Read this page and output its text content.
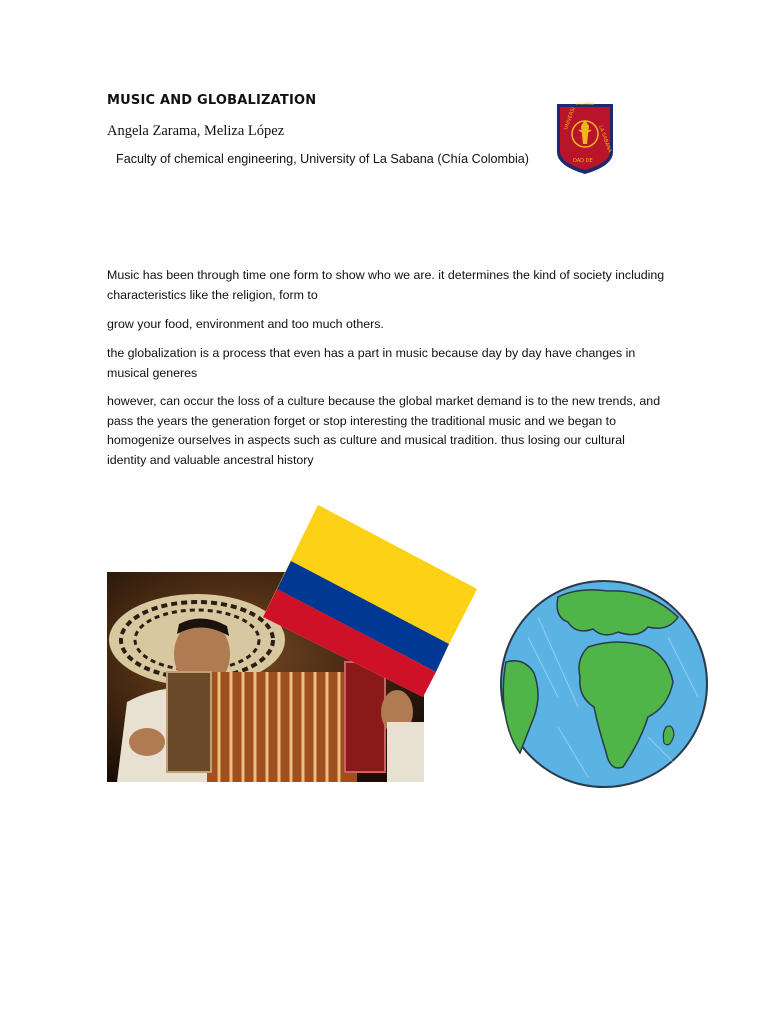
MUSIC AND GLOBALIZATION
Angela Zarama, Meliza López
Faculty of chemical engineering, University of La Sabana (Chía Colombia)
COLOMBIA
UNIVERSI
DAD DE
LA SABANA
Music has been through time one form to show who we are. it determines the kind of society including characteristics like the religion, form to
grow your food, environment and too much others.
the globalization is a process that even has a part in music because day by day have changes in musical generes
however, can occur the loss of a culture because the global market demand is to the new trends, and pass the years the generation forget or stop interesting the traditional music and we began to homogenize ourselves in aspects such as culture and musical tradition. thus losing our cultural identity and valuable ancestral history
